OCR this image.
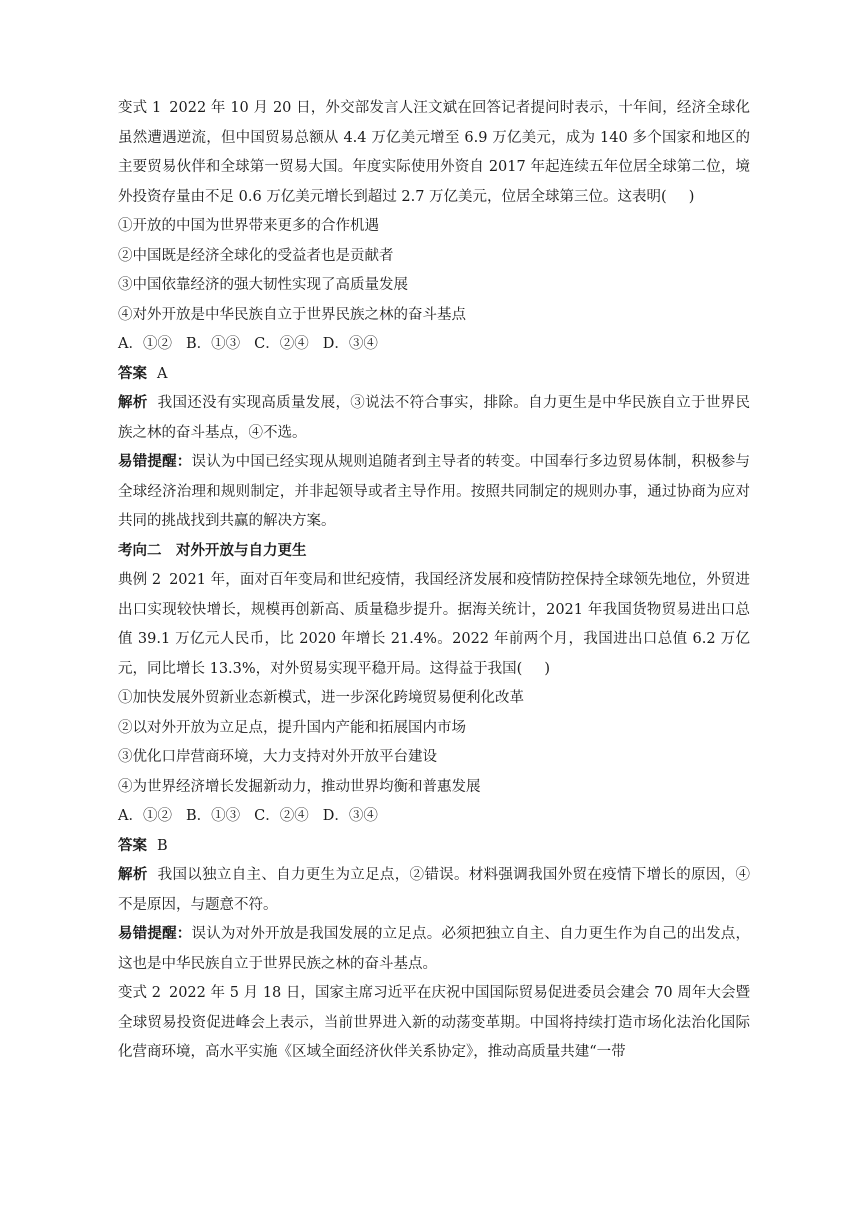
变式 1 2022 年 10 月 20 日，外交部发言人汪文斌在回答记者提问时表示，十年间，经济全球化虽然遭遇逆流，但中国贸易总额从 4.4 万亿美元增至 6.9 万亿美元，成为 140 多个国家和地区的主要贸易伙伴和全球第一贸易大国。年度实际使用外资自 2017 年起连续五年位居全球第二位，境外投资存量由不足 0.6 万亿美元增长到超过 2.7 万亿美元，位居全球第三位。这表明( )

①开放的中国为世界带来更多的合作机遇

②中国既是经济全球化的受益者也是贡献者

③中国依靠经济的强大韧性实现了高质量发展

④对外开放是中华民族自立于世界民族之林的奋斗基点

A．①② B．①③ C．②④ D．③④

答案 A

解析 我国还没有实现高质量发展，③说法不符合事实，排除。自力更生是中华民族自立于世界民族之林的奋斗基点，④不选。

易错提醒：误认为中国已经实现从规则追随者到主导者的转变。中国奉行多边贸易体制，积极参与全球经济治理和规则制定，并非起领导或者主导作用。按照共同制定的规则办事，通过协商为应对共同的挑战找到共赢的解决方案。

考向二　对外开放与自力更生

典例 2 2021 年，面对百年变局和世纪疫情，我国经济发展和疫情防控保持全球领先地位，外贸进出口实现较快增长，规模再创新高、质量稳步提升。据海关统计，2021 年我国货物贸易进出口总值 39.1 万亿元人民币，比 2020 年增长 21.4%。2022 年前两个月，我国进出口总值 6.2 万亿元，同比增长 13.3%，对外贸易实现平稳开局。这得益于我国( )

①加快发展外贸新业态新模式，进一步深化跨境贸易便利化改革

②以对外开放为立足点，提升国内产能和拓展国内市场

③优化口岸营商环境，大力支持对外开放平台建设

④为世界经济增长发掘新动力，推动世界均衡和普惠发展

A．①② B．①③ C．②④ D．③④

答案 B

解析 我国以独立自主、自力更生为立足点，②错误。材料强调我国外贸在疫情下增长的原因，④不是原因，与题意不符。

易错提醒：误认为对外开放是我国发展的立足点。必须把独立自主、自力更生作为自己的出发点，这也是中华民族自立于世界民族之林的奋斗基点。

变式 2 2022 年 5 月 18 日，国家主席习近平在庆祝中国国际贸易促进委员会建会 70 周年大会暨全球贸易投资促进峰会上表示，当前世界进入新的动荡变革期。中国将持续打造市场化法治化国际化营商环境，高水平实施《区域全面经济伙伴关系协定》，推动高质量共建“一带
